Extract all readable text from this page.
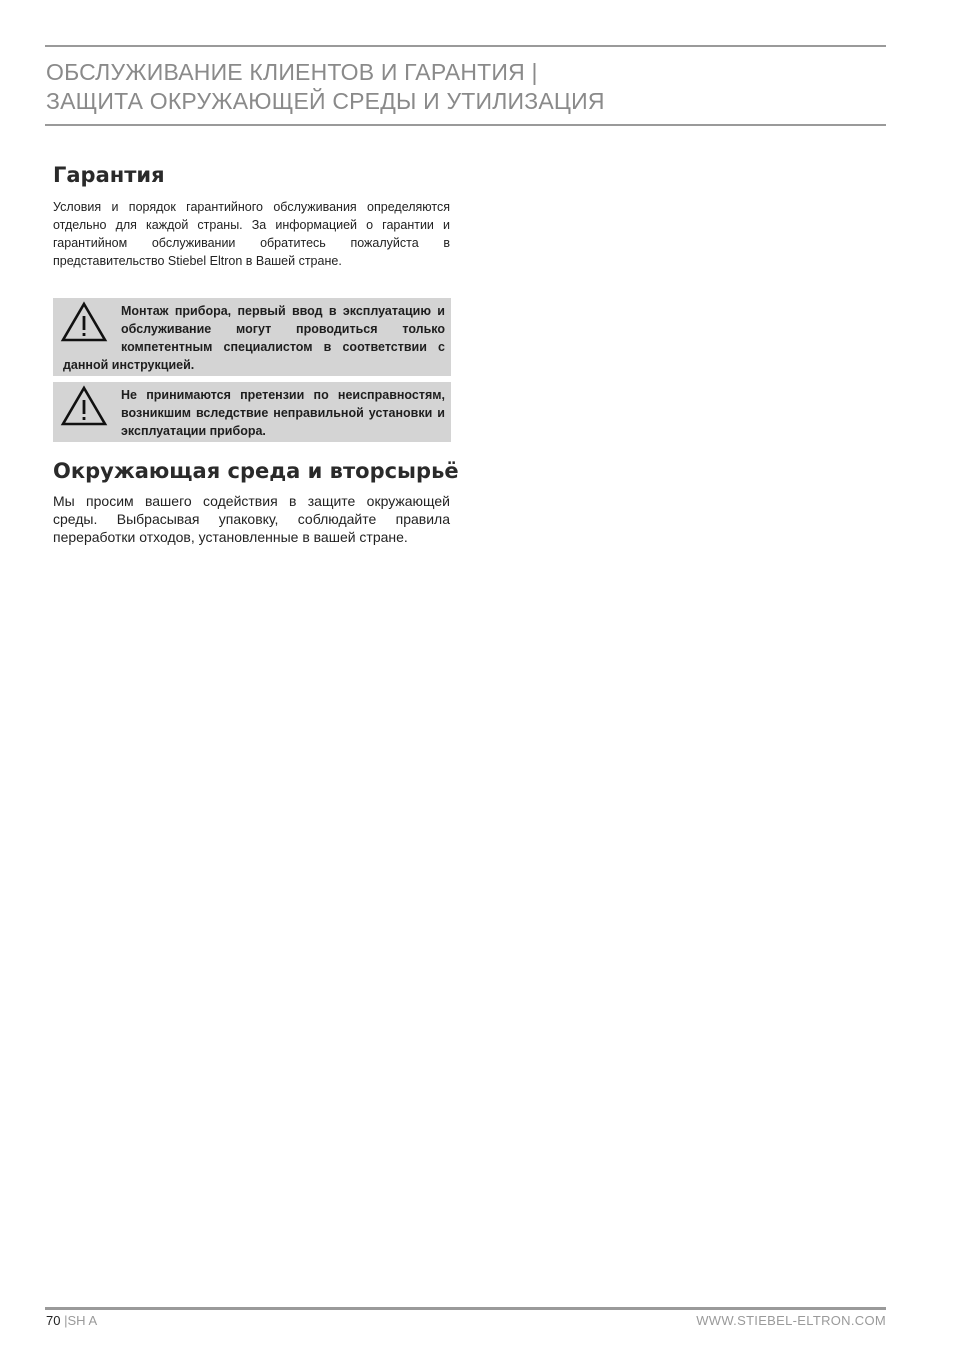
ОБСЛУЖИВАНИЕ КЛИЕНТОВ И ГАРАНТИЯ |
ЗАЩИТА ОКРУЖАЮЩЕЙ СРЕДЫ И УТИЛИЗАЦИЯ
Гарантия
Условия и порядок гарантийного обслуживания определяются отдельно для каждой страны. За информацией о гарантии и гарантийном обслуживании обратитесь пожалуйста в представительство Stiebel Eltron в Вашей стране.
Монтаж прибора, первый ввод в эксплуатацию и обслуживание могут проводиться только компетентным специалистом в соответствии с данной инструкцией.
Не принимаются претензии по неисправностям, возникшим вследствие неправильной установки и эксплуатации прибора.
Окружающая среда и вторсырьё
Мы просим вашего содействия в защите окружающей среды. Выбрасывая упаковку, соблюдайте правила переработки отходов, установленные в вашей стране.
70 |SH A	WWW.STIEBEL-ELTRON.COM
